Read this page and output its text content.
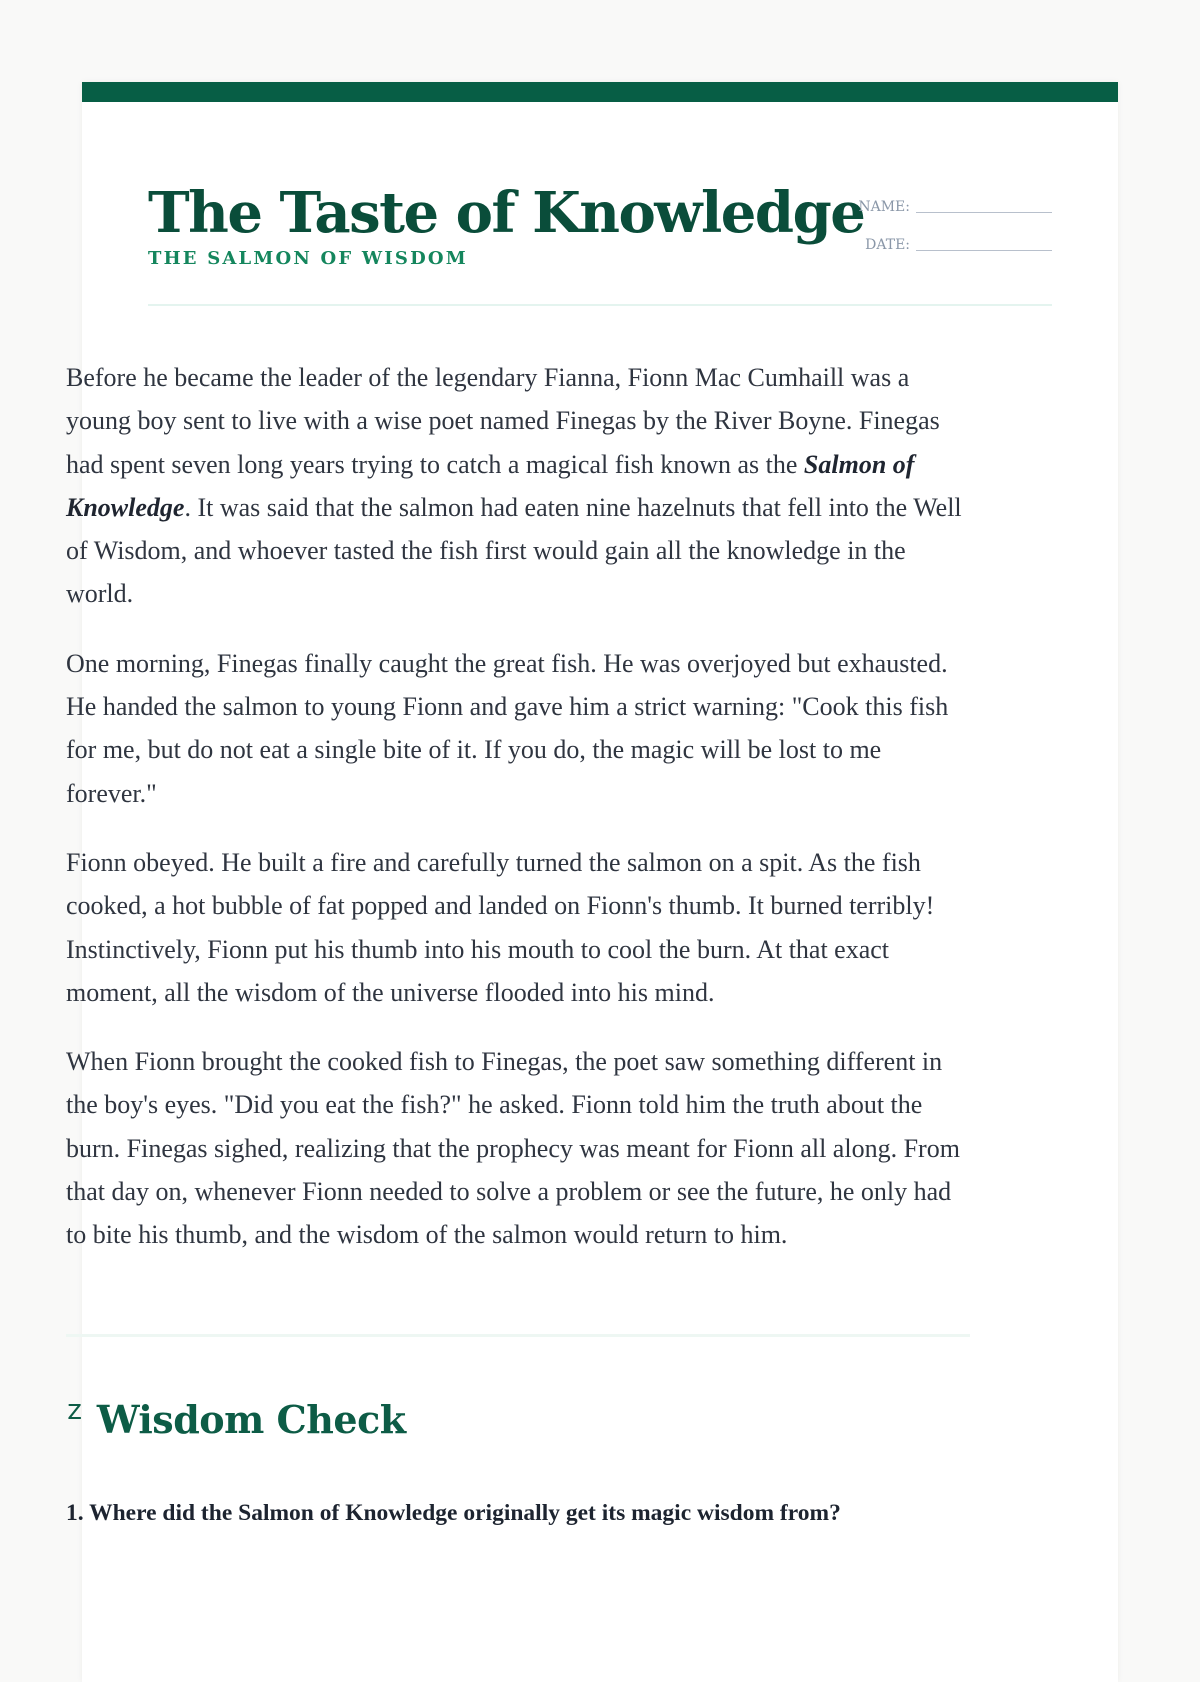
The Taste of Knowledge
THE SALMON OF WISDOM
NAME:
DATE:

Before he became the leader of the legendary Fianna, Fionn Mac Cumhaill was a young boy sent to live with a wise poet named Finegas by the River Boyne. Finegas had spent seven long years trying to catch a magical fish known as the Salmon of Knowledge. It was said that the salmon had eaten nine hazelnuts that fell into the Well of Wisdom, and whoever tasted the fish first would gain all the knowledge in the world.

One morning, Finegas finally caught the great fish. He was overjoyed but exhausted. He handed the salmon to young Fionn and gave him a strict warning: "Cook this fish for me, but do not eat a single bite of it. If you do, the magic will be lost to me forever."

Fionn obeyed. He built a fire and carefully turned the salmon on a spit. As the fish cooked, a hot bubble of fat popped and landed on Fionn's thumb. It burned terribly! Instinctively, Fionn put his thumb into his mouth to cool the burn. At that exact moment, all the wisdom of the universe flooded into his mind.

When Fionn brought the cooked fish to Finegas, the poet saw something different in the boy's eyes. "Did you eat the fish?" he asked. Fionn told him the truth about the burn. Finegas sighed, realizing that the prophecy was meant for Fionn all along. From that day on, whenever Fionn needed to solve a problem or see the future, he only had to bite his thumb, and the wisdom of the salmon would return to him.

ᙆ Wisdom Check
1. Where did the Salmon of Knowledge originally get its magic wisdom from?
